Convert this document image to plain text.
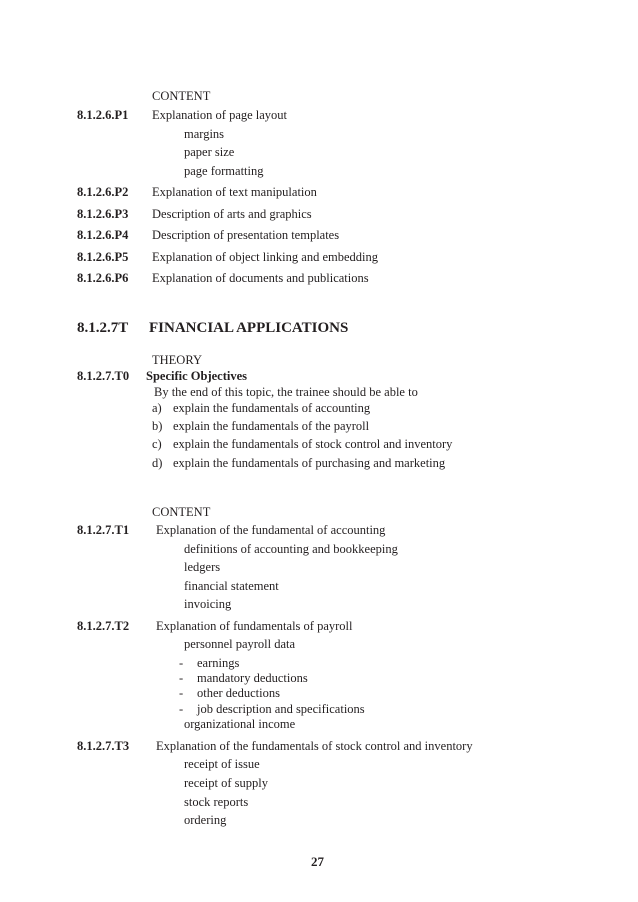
CONTENT
8.1.2.6.P1 Explanation of page layout
margins
paper size
page formatting
8.1.2.6.P2 Explanation of text manipulation
8.1.2.6.P3 Description of arts and graphics
8.1.2.6.P4 Description of presentation templates
8.1.2.6.P5 Explanation of object linking and embedding
8.1.2.6.P6 Explanation of documents and publications
8.1.2.7T FINANCIAL APPLICATIONS
THEORY
8.1.2.7.T0 Specific Objectives
By the end of this topic, the trainee should be able to
a) explain the fundamentals of accounting
b) explain the fundamentals of the payroll
c) explain the fundamentals of stock control and inventory
d) explain the fundamentals of purchasing and marketing
CONTENT
8.1.2.7.T1 Explanation of the fundamental of accounting
definitions of accounting and bookkeeping
ledgers
financial statement
invoicing
8.1.2.7.T2 Explanation of fundamentals of payroll
personnel payroll data
- earnings
- mandatory deductions
- other deductions
- job description and specifications
organizational income
8.1.2.7.T3 Explanation of the fundamentals of stock control and inventory
receipt of issue
receipt of supply
stock reports
ordering
27
